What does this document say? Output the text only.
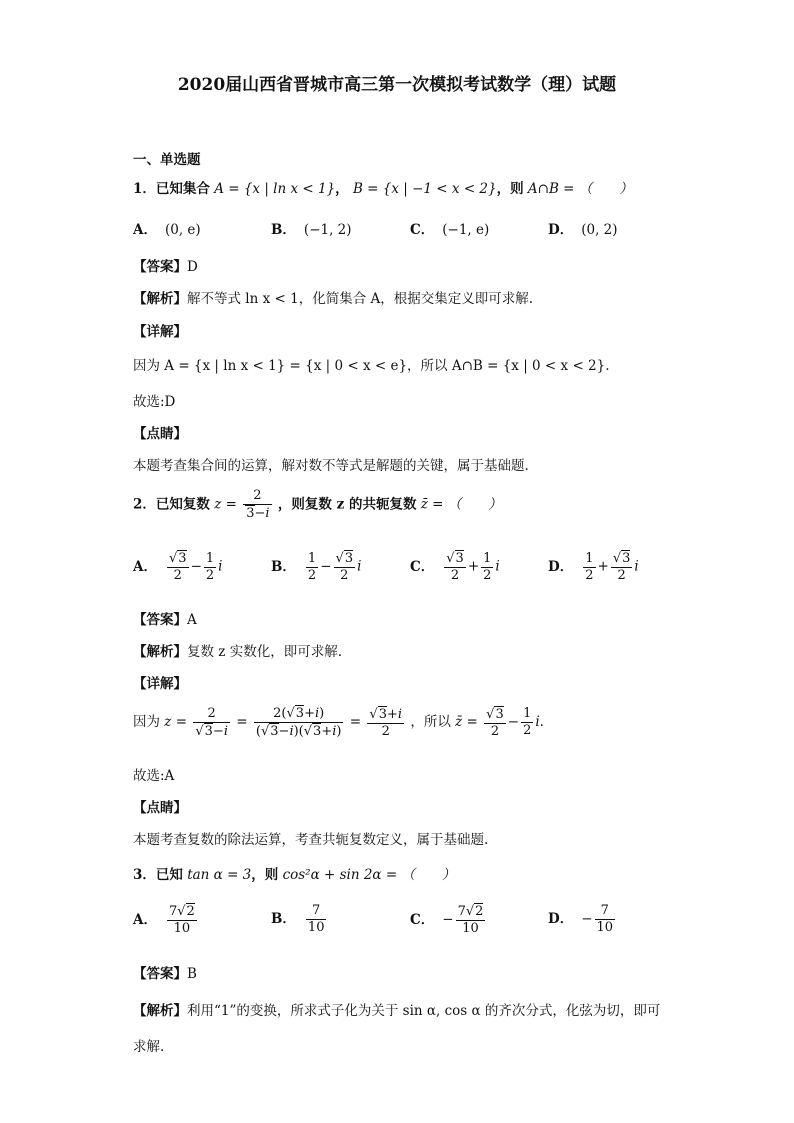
2020届山西省晋城市高三第一次模拟考试数学（理）试题
一、单选题
1．已知集合 A = {x | ln x < 1}， B = {x | −1 < x < 2}，则 A∩B = （　　）
A． (0, e)	B． (−1, 2)	C． (−1, e)	D． (0, 2)
【答案】D
【解析】解不等式 ln x < 1，化简集合 A，根据交集定义即可求解.
【详解】
因为 A = {x | ln x < 1} = {x | 0 < x < e}，所以 A∩B = {x | 0 < x < 2}.
故选:D
【点睛】
本题考查集合间的运算，解对数不等式是解题的关键，属于基础题.
2．已知复数 $z = \frac{2}{3-i}$ ，则复数 z 的共轭复数 z̄ = （　　）
A． $\frac{√3}{2} - \frac{1}{2}$ i	B． $\frac{1}{2} - \frac{√3}{2}$ i	C． $\frac{√3}{2} + \frac{1}{2}$ i	D． $\frac{1}{2} + \frac{√3}{2}$ i
【答案】A
【解析】复数 z 实数化，即可求解.
【详解】
因为 $z = \frac{2}{√3-i} = \frac{2(√3+i)}{(√3-i)(√3+i)} = \frac{√3+i}{2}$ ，所以 z̄ = $\frac{√3}{2} - \frac{1}{2} i$.
故选:A
【点睛】
本题考查复数的除法运算，考查共轭复数定义，属于基础题.
3．已知 tan α = 3，则 cos²α + sin 2α = （　　）
A． $\frac{7√2}{10}$	B． $\frac{7}{10}$	C． − $\frac{7√2}{10}$	D． − $\frac{7}{10}$
【答案】B
【解析】利用“1”的变换，所求式子化为关于 sin α, cos α 的齐次分式，化弦为切，即可
求解.
